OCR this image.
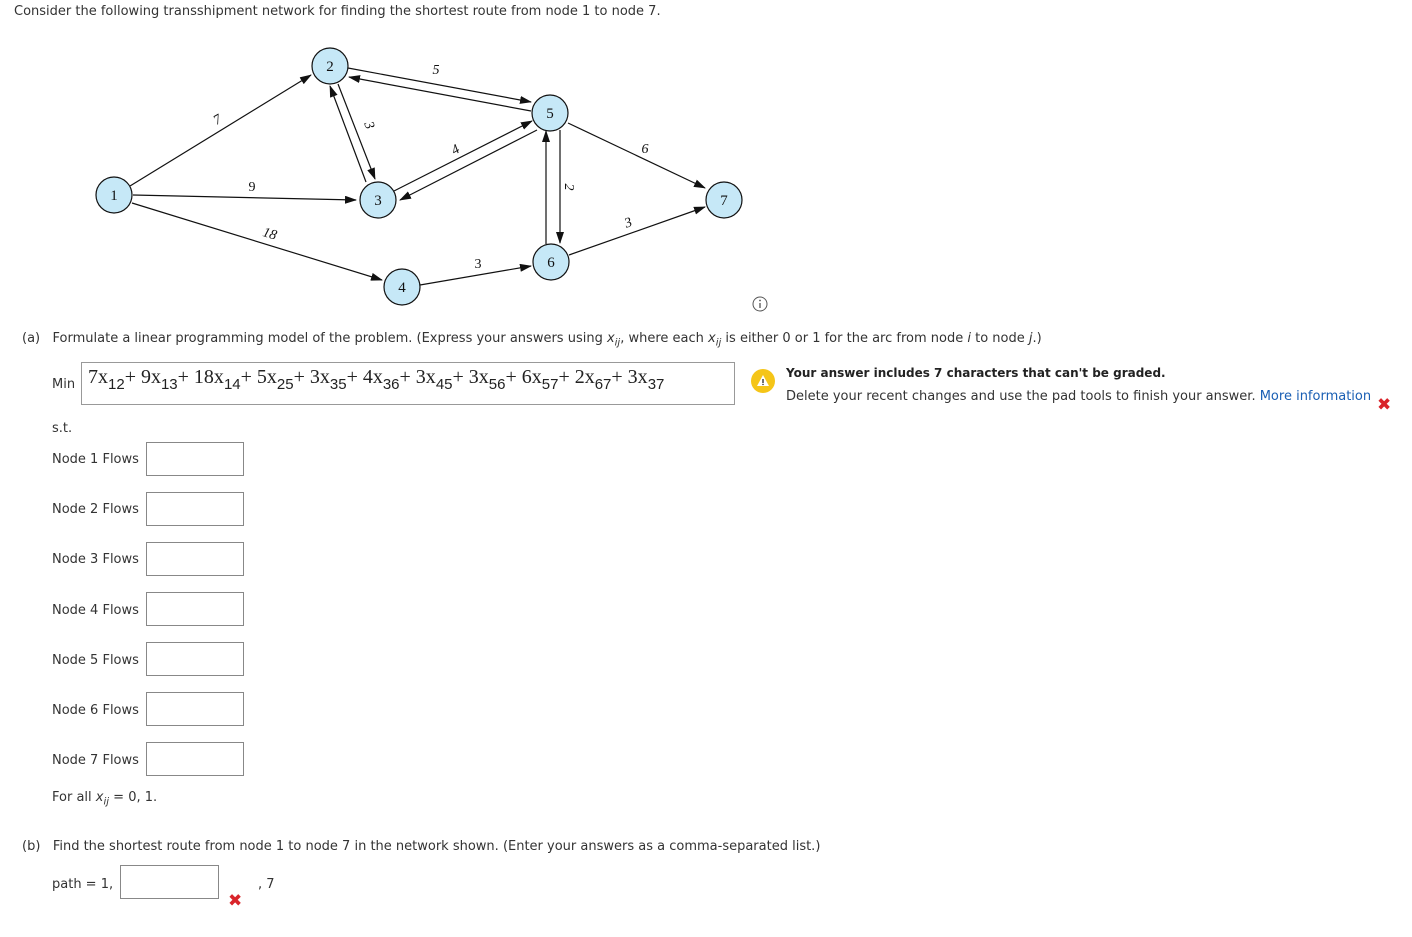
Consider the following transshipment network for finding the shortest route from node 1 to node 7.
1
2
3
4
5
6
7
7
9
18
5
3
4
3
2
6
3
(a) Formulate a linear programming model of the problem. (Express your answers using $x_{ij}$, where each $x_{ij}$ is either 0 or 1 for the arc from node i to node j.)
Min $7x_{12}+ 9x_{13}+ 18x_{14}+ 5x_{25}+ 3x_{35}+ 4x_{36}+ 3x_{45}+ 3x_{56}+ 6x_{57}+ 2x_{67}+ 3x_{37}$
Your answer includes 7 characters that can't be graded.
Delete your recent changes and use the pad tools to finish your answer. More information ✖
s.t.
Node 1 Flows
Node 2 Flows
Node 3 Flows
Node 4 Flows
Node 5 Flows
Node 6 Flows
Node 7 Flows
For all $x_{ij} = 0$, 1.
(b) Find the shortest route from node 1 to node 7 in the network shown. (Enter your answers as a comma-separated list.)
path = 1,	, 7
✖
